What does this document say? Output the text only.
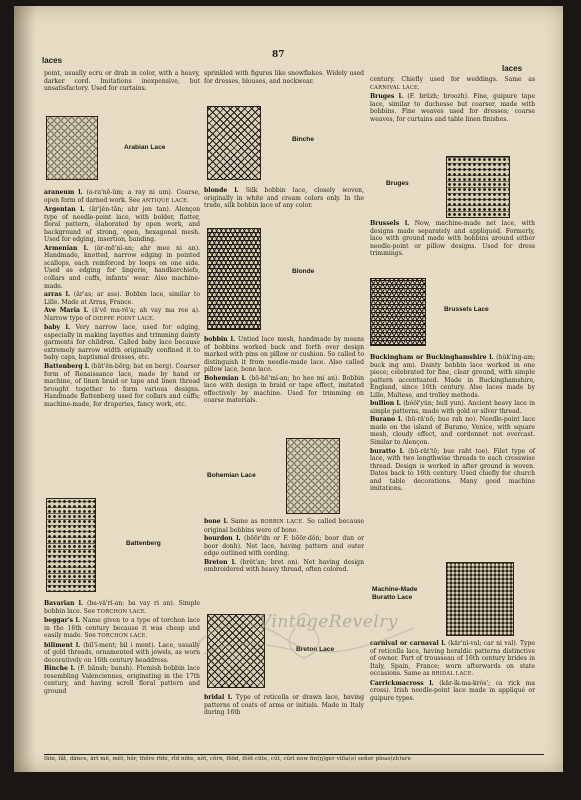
laces
87
laces

point, usually ecru or drab in color, with a heavy, darker cord. Imitations inexpensive, but unsatisfactory. Used for curtains.

Arabian Lace

araneum l. (a-ra'nē-ŭm; a ray ni um). Coarse, open form of darned work. See ANTIQUE LACE.

Argentan l. (är'jĕn-tăn; ahr jen tan). Alençon type of needle-point lace, with bolder, flatter, floral pattern, elaborated by open work, and background of strong, open, hexagonal mesh. Used for edging, insertion, banding.

Armenian l. (är-mē'nĭ-an; ahr mee ni an). Handmade, knotted, narrow edging in pointed scallops, each reinforced by loops on one side. Used as edging for lingerie, handkerchiefs, collars and cuffs, infants' wear. Also machine-made.

arras l. (ăr'as; ar ass). Bobbin lace, similar to Lille. Made at Arras, France.

Ave Maria l. (ä'vē ma-rē'a; ah vay ma ree a). Narrow type of DIEPPE POINT LACE.

baby l. Very narrow lace, used for edging, especially in making layettes and trimming dainty garments for children. Called baby lace because extremely narrow width originally confined it to baby caps, baptismal dresses, etc.

Battenberg l. (băt'ĕn-bērg; bat en berg). Coarser form of Renaissance lace, made by hand or machine, of linen braid or tape and linen thread brought together to form various designs. Handmade Battenberg used for collars and cuffs; machine-made, for draperies, fancy work, etc.

Battenberg

Bavarian l. (ba-vâ'rĭ-an; ba vay ri an). Simple bobbin lace. See TORCHON LACE.

beggar's l. Name given to a type of torchon lace in the 16th century because it was cheap and easily made. See TORCHON LACE.

biliment l. (bĭl'ĭ-ment; bil i ment). Lace, usually of gold threads, ornamented with jewels, as worn decoratively on 16th century headdress.

Binche l. (F. bănsh; bansh). Flemish bobbin lace resembling Valenciennes, originating in the 17th century, and having scroll floral pattern and ground

sprinkled with figures like snowflakes. Widely used for dresses, blouses, and neckwear.

Binche

blonde l. Silk bobbin lace, closely woven, originally in white and cream colors only. In the trade, silk bobbin lace of any color.

Blonde

bobbin l. Untied lace mesh, handmade by means of bobbins worked back and forth over design marked with pins on pillow or cushion. So called to distinguish it from needle-made lace. Also called pillow lace, bone lace.

Bohemian l. (bō-hē'mĭ-an; bo hee mi an). Bobbin lace with design in braid or tape effect, imitated effectively by machine. Used for trimming on coarse materials.

Bohemian Lace

bone l. Same as BOBBIN LACE. So called because original bobbins were of bone.

bourdon l. (bōōr'dn or F. bōōr-dôṅ; boor dun or boor donh). Net lace, having pattern and outer edge outlined with cording.

Breton l. (brĕt'an; bret on). Net having design embroidered with heavy thread, often colored.

Breton Lace

bridal l. Type of reticella or drawn lace, having patterns of coats of arms or initials. Made in Italy during 16th

century. Chiefly used for weddings. Same as CARNIVAL LACE.

Bruges l. (F. brüzh; broozh). Fine, guipure tape lace, similar to duchesse but coarser, made with bobbins. Fine weaves used for dresses; coarse weaves, for curtains and table linen finishes.

Bruges

Brussels l. Now, machine-made net lace, with designs made separately and appliquéd. Formerly, lace with ground made with bobbins around either needle-point or pillow designs. Used for dress trimmings.

Brussels Lace

Buckingham or Buckinghamshire l. (bŭk'ing-am; buck ing am). Dainty bobbin lace worked in one piece; celebrated for fine, clear ground, with simple pattern accentuated. Made in Buckinghamshire, England, since 16th century. Also laces made by Lille, Maltese, and trolley methods.

bullion l. (bŏŏl'yŭn; bull yun). Ancient heavy lace in simple patterns, made with gold or silver thread.

Burano l. (bū-rä'nō; bue rah no). Needle-point lace made on the island of Burano, Venice, with square mesh, cloudy effect, and cordonnet not overcast. Similar to Alençon.

buratto l. (bū-rät'tō; bue raht toe). Filet type of lace, with two lengthwise threads to each crosswise thread. Design is worked in after ground is woven. Dates back to 16th century. Used chiefly for church and table decorations. Many good machine imitations.

Machine-Made Buratto Lace

carnival or carnaval l. (kär'nĭ-val; car ni val). Type of reticella lace, having heraldic patterns distinctive of owner. Part of trousseau of 16th century brides in Italy, Spain, France; worn afterwards on state occasions. Same as BRIDAL LACE.

Carrickmacross l. (kär-ĭk-ma-krŏs'; ca rick ma cross). Irish needle-point lace made in appliqué or guipure types.

VintageRevelry
fāte, făt, dānce, ärt mē, mĕt, hẽr, thêre rīde, rĭd nōte, nŏt, côrn, fōōd, fŏŏt cūte, cŭt, cûrl now fin(ŋ)ger villa(ə) señor pleas(zh)ure
